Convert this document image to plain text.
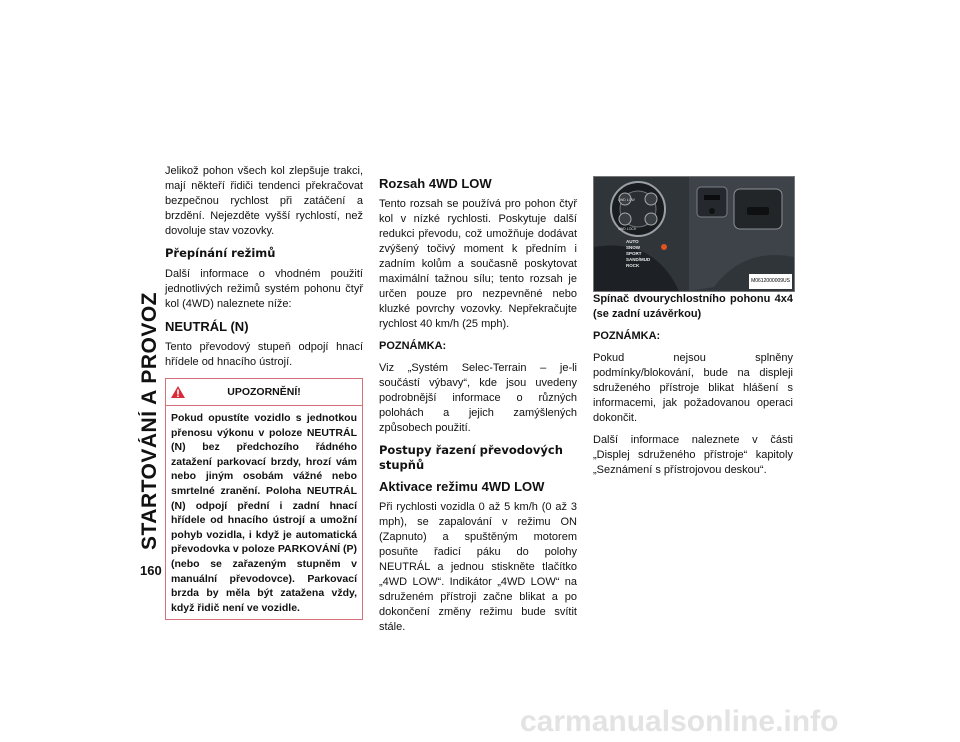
STARTOVÁNÍ A PROVOZ
160

Jelikož pohon všech kol zlepšuje trakci, mají někteří řidiči tendenci překračovat bezpečnou rychlost při zatáčení a brzdění. Nejezděte vyšší rychlostí, než dovoluje stav vozovky.

Přepínání režimů

Další informace o vhodném použití jednotlivých režimů systém pohonu čtyř kol (4WD) naleznete níže:

NEUTRÁL (N)

Tento převodový stupeň odpojí hnací hřídele od hnacího ústrojí.

UPOZORNĚNÍ!
Pokud opustíte vozidlo s jednotkou přenosu výkonu v poloze NEUTRÁL (N) bez předchozího řádného zatažení parkovací brzdy, hrozí vám nebo jiným osobám vážné nebo smrtelné zranění. Poloha NEUTRÁL (N) odpojí přední i zadní hnací hřídele od hnacího ústrojí a umožní pohyb vozidla, i když je automatická převodovka v poloze PARKOVÁNÍ (P) (nebo se zařazeným stupněm v manuální převodovce). Parkovací brzda by měla být zatažena vždy, když řidič není ve vozidle.
Rozsah 4WD LOW

Tento rozsah se používá pro pohon čtyř kol v nízké rychlosti. Poskytuje další redukci převodu, což umožňuje dodávat zvýšený točivý moment k předním i zadním kolům a současně poskytovat maximální tažnou sílu; tento rozsah je určen pouze pro nezpevněné nebo kluzké povrchy vozovky. Nepřekračujte rychlost 40 km/h (25 mph).

POZNÁMKA:

Viz „Systém Selec-Terrain – je-li součástí výbavy“, kde jsou uvedeny podrobnější informace o různých polohách a jejich zamýšlených způsobech použití.

Postupy řazení převodových stupňů
Aktivace režimu 4WD LOW

Při rychlosti vozidla 0 až 5 km/h (0 až 3 mph), se zapalování v režimu ON (Zapnuto) a spuštěným motorem posuňte řadicí páku do polohy NEUTRÁL a jednou stiskněte tlačítko „4WD LOW“. Indikátor „4WD LOW“ na sdruženém přístroji začne blikat a po dokončení změny režimu bude svítit stále.

AUTO
SNOW
SPORT
SAND/MUD
ROCK
4WD LOW
4WD LOCK
M0612000009US

Spínač dvourychlostního pohonu 4x4 (se zadní uzávěrkou)

POZNÁMKA:

Pokud nejsou splněny podmínky/blokování, bude na displeji sdruženého přístroje blikat hlášení s informacemi, jak požadovanou operaci dokončit.

Další informace naleznete v části „Displej sdruženého přístroje“ kapitoly „Seznámení s přístrojovou deskou“.

carmanualsonline.info
